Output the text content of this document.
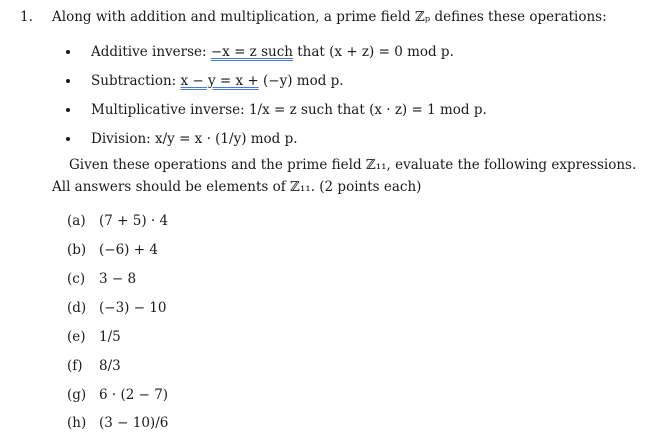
1. Along with addition and multiplication, a prime field ℤₚ defines these operations:
Additive inverse: −x = z such that (x + z) = 0 mod p.
Subtraction: x − y = x + (−y) mod p.
Multiplicative inverse: 1/x = z such that (x · z) = 1 mod p.
Division: x/y = x · (1/y) mod p.
Given these operations and the prime field ℤ₁₁, evaluate the following expressions.
All answers should be elements of ℤ₁₁. (2 points each)
(a) (7 + 5) · 4
(b) (−6) + 4
(c) 3 − 8
(d) (−3) − 10
(e) 1/5
(f) 8/3
(g) 6 · (2 − 7)
(h) (3 − 10)/6
